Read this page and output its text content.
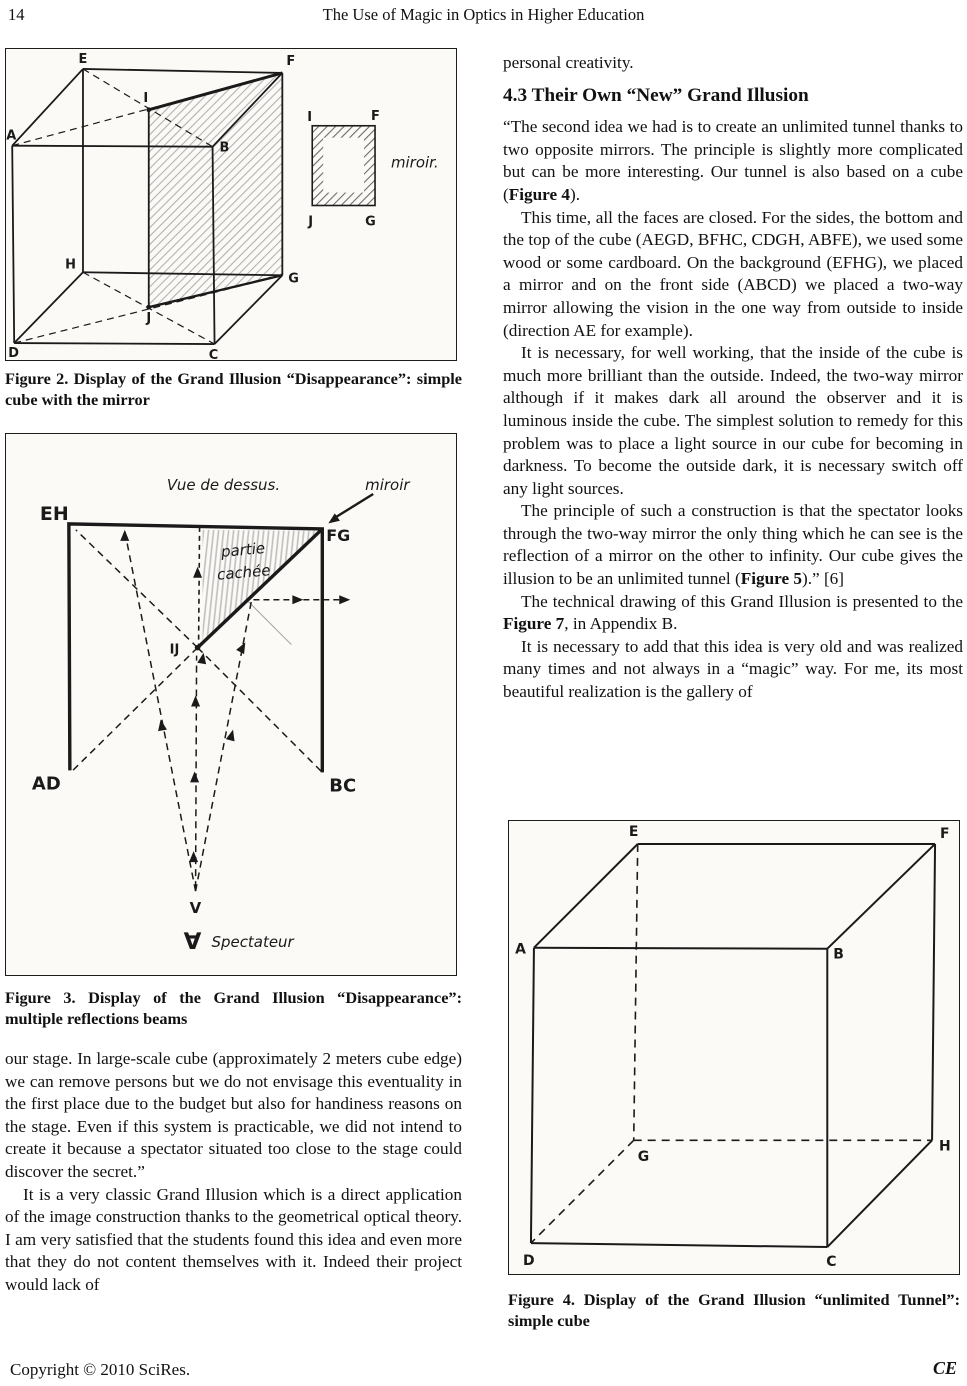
14	The Use of Magic in Optics in Higher Education
E	F
A
B
I
H
G
D	C
J
I	F
J	G
miroir.
Figure 2. Display of the Grand Illusion “Disappearance”: simple cube with the mirror
Vue de dessus.	miroir
EH
FG
AD	BC
partie
cachée
IJ
V
∀ Spectateur
Figure 3. Display of the Grand Illusion “Disappearance”: multiple reflections beams

our stage. In large-scale cube (approximately 2 meters cube edge) we can remove persons but we do not envisage this eventuality in the first place due to the budget but also for handiness reasons on the stage. Even if this system is practicable, we did not intend to create it because a spectator situated too close to the stage could discover the secret.”

It is a very classic Grand Illusion which is a direct application of the image construction thanks to the geometrical optical theory. I am very satisfied that the students found this idea and even more that they do not content themselves with it. Indeed their project would lack of

Copyright © 2010 SciRes.

personal creativity.

4.3 Their Own “New” Grand Illusion

“The second idea we had is to create an unlimited tunnel thanks to two opposite mirrors. The principle is slightly more complicated but can be more interesting. Our tunnel is also based on a cube (Figure 4).

This time, all the faces are closed. For the sides, the bottom and the top of the cube (AEGD, BFHC, CDGH, ABFE), we used some wood or some cardboard. On the background (EFHG), we placed a mirror and on the front side (ABCD) we placed a two-way mirror allowing the vision in the one way from outside to inside (direction AE for example).

It is necessary, for well working, that the inside of the cube is much more brilliant than the outside. Indeed, the two-way mirror although if it makes dark all around the observer and it is luminous inside the cube. The simplest solution to remedy for this problem was to place a light source in our cube for becoming in darkness. To become the outside dark, it is necessary switch off any light sources.

The principle of such a construction is that the spectator looks through the two-way mirror the only thing which he can see is the reflection of a mirror on the other to infinity. Our cube gives the illusion to be an unlimited tunnel (Figure 5).” [6]

The technical drawing of this Grand Illusion is presented to the Figure 7, in Appendix B.

It is necessary to add that this idea is very old and was realized many times and not always in a “magic” way. For me, its most beautiful realization is the gallery of

E	F
A	B
G
H
D	C
Figure 4. Display of the Grand Illusion “unlimited Tunnel”: simple cube
CE
